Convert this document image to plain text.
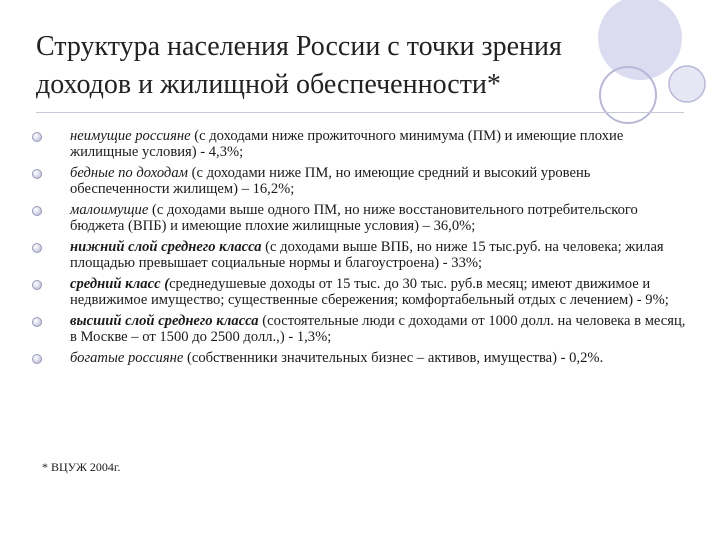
Структура населения России с точки зрения
доходов и жилищной обеспеченности*
неимущие россияне (с доходами ниже прожиточного минимума (ПМ) и имеющие плохие жилищные условия) - 4,3%;
бедные по доходам (с доходами ниже ПМ, но имеющие средний и высокий уровень обеспеченности жилищем) – 16,2%;
малоимущие (с доходами выше одного ПМ, но ниже восстановительного потребительского бюджета (ВПБ) и имеющие плохие жилищные условия) – 36,0%;
нижний слой среднего класса (с доходами выше ВПБ, но ниже 15 тыс.руб. на человека; жилая площадью превышает социальные нормы и благоустроена) - 33%;
средний класс (среднедушевые доходы от 15 тыс. до 30 тыс. руб.в месяц; имеют движимое и недвижимое имущество; существенные сбережения; комфортабельный отдых с лечением) - 9%;
высший слой среднего класса (состоятельные люди с доходами от 1000 долл. на человека в месяц, в Москве – от 1500 до 2500 долл.,) - 1,3%;
богатые россияне (собственники значительных бизнес – активов, имущества) - 0,2%.
* ВЦУЖ 2004г.
